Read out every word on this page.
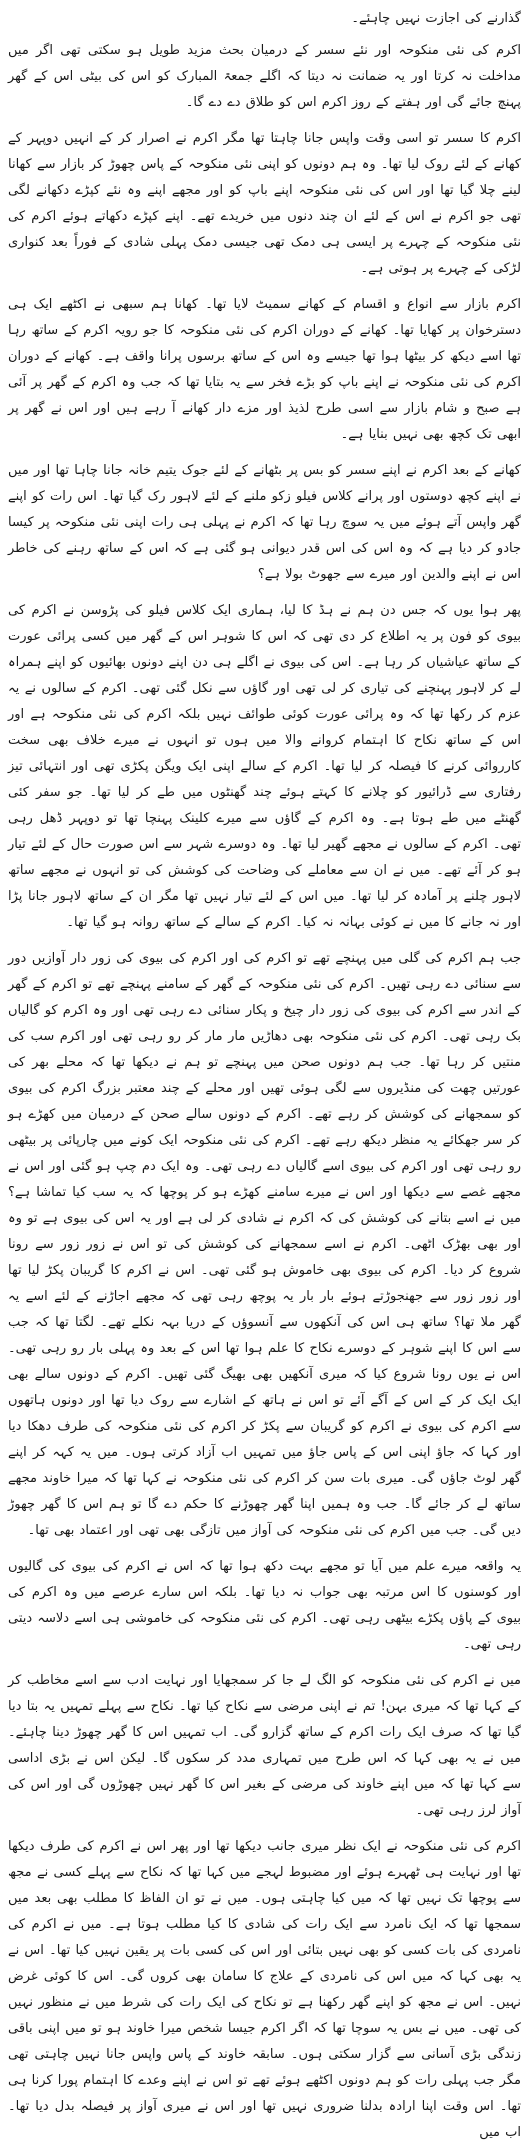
گذارنے کی اجازت نہیں چاہئے۔

اکرم کی نئی منکوحہ اور نئے سسر کے درمیان بحث مزید طویل ہو سکتی تھی اگر میں مداخلت نہ کرتا اور یہ ضمانت نہ دیتا کہ اگلے جمعۃ المبارک کو اس کی بیٹی اس کے گھر پہنچ جائے گی اور ہفتے کے روز اکرم اس کو طلاق دے دے گا۔

اکرم کا سسر تو اسی وقت واپس جانا چاہتا تھا مگر اکرم نے اصرار کر کے انہیں دوپہر کے کھانے کے لئے روک لیا تھا۔ وہ ہم دونوں کو اپنی نئی منکوحہ کے پاس چھوڑ کر بازار سے کھانا لینے چلا گیا تھا اور اس کی نئی منکوحہ اپنے باپ کو اور مجھے اپنے وہ نئے کپڑے دکھانے لگی تھی جو اکرم نے اس کے لئے ان چند دنوں میں خریدے تھے۔ اپنے کپڑے دکھاتے ہوئے اکرم کی نئی منکوحہ کے چہرے پر ایسی ہی دمک تھی جیسی دمک پہلی شادی کے فوراً بعد کنواری لڑکی کے چہرے پر ہوتی ہے۔

اکرم بازار سے انواع و اقسام کے کھانے سمیٹ لایا تھا۔ کھانا ہم سبھی نے اکٹھے ایک ہی دسترخوان پر کھایا تھا۔ کھانے کے دوران اکرم کی نئی منکوحہ کا جو رویہ اکرم کے ساتھ رہا تھا اسے دیکھ کر بیٹھا ہوا تھا جیسے وہ اس کے ساتھ برسوں پرانا واقف ہے۔ کھانے کے دوران اکرم کی نئی منکوحہ نے اپنے باپ کو بڑے فخر سے یہ بتایا تھا کہ جب وہ اکرم کے گھر پر آئی ہے صبح و شام بازار سے اسی طرح لذیذ اور مزے دار کھانے آ رہے ہیں اور اس نے گھر پر ابھی تک کچھ بھی نہیں بنایا ہے۔

کھانے کے بعد اکرم نے اپنے سسر کو بس پر بٹھانے کے لئے جوک یتیم خانہ جانا چاہا تھا اور میں نے اپنے کچھ دوستوں اور پرانے کلاس فیلو زکو ملنے کے لئے لاہور رک گیا تھا۔ اس رات کو اپنے گھر واپس آتے ہوئے میں یہ سوچ رہا تھا کہ اکرم نے پہلی ہی رات اپنی نئی منکوحہ پر کیسا جادو کر دیا ہے کہ وہ اس کی اس قدر دیوانی ہو گئی ہے کہ اس کے ساتھ رہنے کی خاطر اس نے اپنے والدین اور میرے سے جھوٹ بولا ہے؟

پھر ہوا یوں کہ جس دن ہم نے ہڈ کا لیا، ہماری ایک کلاس فیلو کی پڑوسن نے اکرم کی بیوی کو فون پر یہ اطلاع کر دی تھی کہ اس کا شوہر اس کے گھر میں کسی پرائی عورت کے ساتھ عیاشیاں کر رہا ہے۔ اس کی بیوی نے اگلے ہی دن اپنے دونوں بھائیوں کو اپنے ہمراہ لے کر لاہور پہنچنے کی تیاری کر لی تھی اور گاؤں سے نکل گئی تھی۔ اکرم کے سالوں نے یہ عزم کر رکھا تھا کہ وہ پرائی عورت کوئی طوائف نہیں بلکہ اکرم کی نئی منکوحہ ہے اور اس کے ساتھ نکاح کا اہتمام کروانے والا میں ہوں تو انہوں نے میرے خلاف بھی سخت کارروائی کرنے کا فیصلہ کر لیا تھا۔ اکرم کے سالے اپنی ایک ویگن پکڑی تھی اور انتہائی تیز رفتاری سے ڈرائیور کو چلانے کا کہتے ہوئے چند گھنٹوں میں طے کر لیا تھا۔ جو سفر کئی گھنٹے میں طے ہوتا ہے۔ وہ اکرم کے گاؤں سے میرے کلینک پہنچا تھا تو دوپہر ڈھل رہی تھی۔ اکرم کے سالوں نے مجھے گھیر لیا تھا۔ وہ دوسرے شہر سے اس صورت حال کے لئے تیار ہو کر آئے تھے۔ میں نے ان سے معاملے کی وضاحت کی کوشش کی تو انہوں نے مجھے ساتھ لاہور چلنے پر آمادہ کر لیا تھا۔ میں اس کے لئے تیار نہیں تھا مگر ان کے ساتھ لاہور جانا پڑا اور نہ جانے کا میں نے کوئی بہانہ نہ کیا۔ اکرم کے سالے کے ساتھ روانہ ہو گیا تھا۔

جب ہم اکرم کی گلی میں پہنچے تھے تو اکرم کی اور اکرم کی بیوی کی زور دار آوازیں دور سے سنائی دے رہی تھیں۔ اکرم کی نئی منکوحہ کے گھر کے سامنے پہنچے تھے تو اکرم کے گھر کے اندر سے اکرم کی بیوی کی زور دار چیخ و پکار سنائی دے رہی تھی اور وہ اکرم کو گالیاں بک رہی تھی۔ اکرم کی نئی منکوحہ بھی دھاڑیں مار مار کر رو رہی تھی اور اکرم سب کی منتیں کر رہا تھا۔ جب ہم دونوں صحن میں پہنچے تو ہم نے دیکھا تھا کہ محلے بھر کی عورتیں چھت کی منڈیروں سے لگی ہوئی تھیں اور محلے کے چند معتبر بزرگ اکرم کی بیوی کو سمجھانے کی کوشش کر رہے تھے۔ اکرم کے دونوں سالے صحن کے درمیان میں کھڑے ہو کر سر جھکائے یہ منظر دیکھ رہے تھے۔ اکرم کی نئی منکوحہ ایک کونے میں چارپائی پر بیٹھی رو رہی تھی اور اکرم کی بیوی اسے گالیاں دے رہی تھی۔ وہ ایک دم چپ ہو گئی اور اس نے مجھے غصے سے دیکھا اور اس نے میرے سامنے کھڑے ہو کر پوچھا کہ یہ سب کیا تماشا ہے؟ میں نے اسے بتانے کی کوشش کی کہ اکرم نے شادی کر لی ہے اور یہ اس کی بیوی ہے تو وہ اور بھی بھڑک اٹھی۔ اکرم نے اسے سمجھانے کی کوشش کی تو اس نے زور زور سے رونا شروع کر دیا۔ اکرم کی بیوی بھی خاموش ہو گئی تھی۔ اس نے اکرم کا گریبان پکڑ لیا تھا اور زور زور سے جھنجوڑتے ہوئے بار بار یہ پوچھ رہی تھی کہ مجھے اجاڑنے کے لئے اسے یہ گھر ملا تھا؟ ساتھ ہی اس کی آنکھوں سے آنسوؤں کے دریا بہہ نکلے تھے۔ لگتا تھا کہ جب سے اس کا اپنے شوہر کے دوسرے نکاح کا علم ہوا تھا اس کے بعد وہ پہلی بار رو رہی تھی۔ اس نے یوں رونا شروع کیا کہ میری آنکھیں بھی بھیگ گئی تھیں۔ اکرم کے دونوں سالے بھی ایک ایک کر کے اس کے آگے آئے تو اس نے ہاتھ کے اشارے سے روک دیا تھا اور دونوں ہاتھوں سے اکرم کی بیوی نے اکرم کو گریبان سے پکڑ کر اکرم کی نئی منکوحہ کی طرف دھکا دیا اور کہا کہ جاؤ اپنی اس کے پاس جاؤ میں تمہیں اب آزاد کرتی ہوں۔ میں یہ کہہ کر اپنے گھر لوٹ جاؤں گی۔ میری بات سن کر اکرم کی نئی منکوحہ نے کہا تھا کہ میرا خاوند مجھے ساتھ لے کر جائے گا۔ جب وہ ہمیں اپنا گھر چھوڑنے کا حکم دے گا تو ہم اس کا گھر چھوڑ دیں گی۔ جب میں اکرم کی نئی منکوحہ کی آواز میں تازگی بھی تھی اور اعتماد بھی تھا۔

یہ واقعہ میرے علم میں آیا تو مجھے بہت دکھ ہوا تھا کہ اس نے اکرم کی بیوی کی گالیوں اور کوسنوں کا اس مرتبہ بھی جواب نہ دیا تھا۔ بلکہ اس سارے عرصے میں وہ اکرم کی بیوی کے پاؤں پکڑے بیٹھی رہی تھی۔ اکرم کی نئی منکوحہ کی خاموشی ہی اسے دلاسہ دیتی رہی تھی۔

میں نے اکرم کی نئی منکوحہ کو الگ لے جا کر سمجھایا اور نہایت ادب سے اسے مخاطب کر کے کہا تھا کہ میری بہن! تم نے اپنی مرضی سے نکاح کیا تھا۔ نکاح سے پہلے تمہیں یہ بتا دیا گیا تھا کہ صرف ایک رات اکرم کے ساتھ گزارو گی۔ اب تمہیں اس کا گھر چھوڑ دینا چاہئے۔ میں نے یہ بھی کہا کہ اس طرح میں تمہاری مدد کر سکوں گا۔ لیکن اس نے بڑی اداسی سے کہا تھا کہ میں اپنے خاوند کی مرضی کے بغیر اس کا گھر نہیں چھوڑوں گی اور اس کی آواز لرز رہی تھی۔

اکرم کی نئی منکوحہ نے ایک نظر میری جانب دیکھا تھا اور پھر اس نے اکرم کی طرف دیکھا تھا اور نہایت ہی ٹھہرے ہوئے اور مضبوط لہجے میں کہا تھا کہ نکاح سے پہلے کسی نے مجھ سے پوچھا تک نہیں تھا کہ میں کیا چاہتی ہوں۔ میں نے تو ان الفاظ کا مطلب بھی بعد میں سمجھا تھا کہ ایک نامرد سے ایک رات کی شادی کا کیا مطلب ہوتا ہے۔ میں نے اکرم کی نامردی کی بات کسی کو بھی نہیں بتائی اور اس کی کسی بات پر یقین نہیں کیا تھا۔ اس نے یہ بھی کہا کہ میں اس کی نامردی کے علاج کا سامان بھی کروں گی۔ اس کا کوئی غرض نہیں۔ اس نے مجھ کو اپنے گھر رکھنا ہے تو نکاح کی ایک رات کی شرط میں نے منظور نہیں کی تھی۔ میں نے بس یہ سوچا تھا کہ اگر اکرم جیسا شخص میرا خاوند ہو تو میں اپنی باقی زندگی بڑی آسانی سے گزار سکتی ہوں۔ سابقہ خاوند کے پاس واپس جانا نہیں چاہتی تھی مگر جب پہلی رات کو ہم دونوں اکٹھے ہوئے تھے تو اس نے اپنے وعدے کا اہتمام پورا کرنا ہی تھا۔ اس وقت اپنا ارادہ بدلنا ضروری نہیں تھا اور اس نے میری آواز پر فیصلہ بدل دیا تھا۔ اب میں
